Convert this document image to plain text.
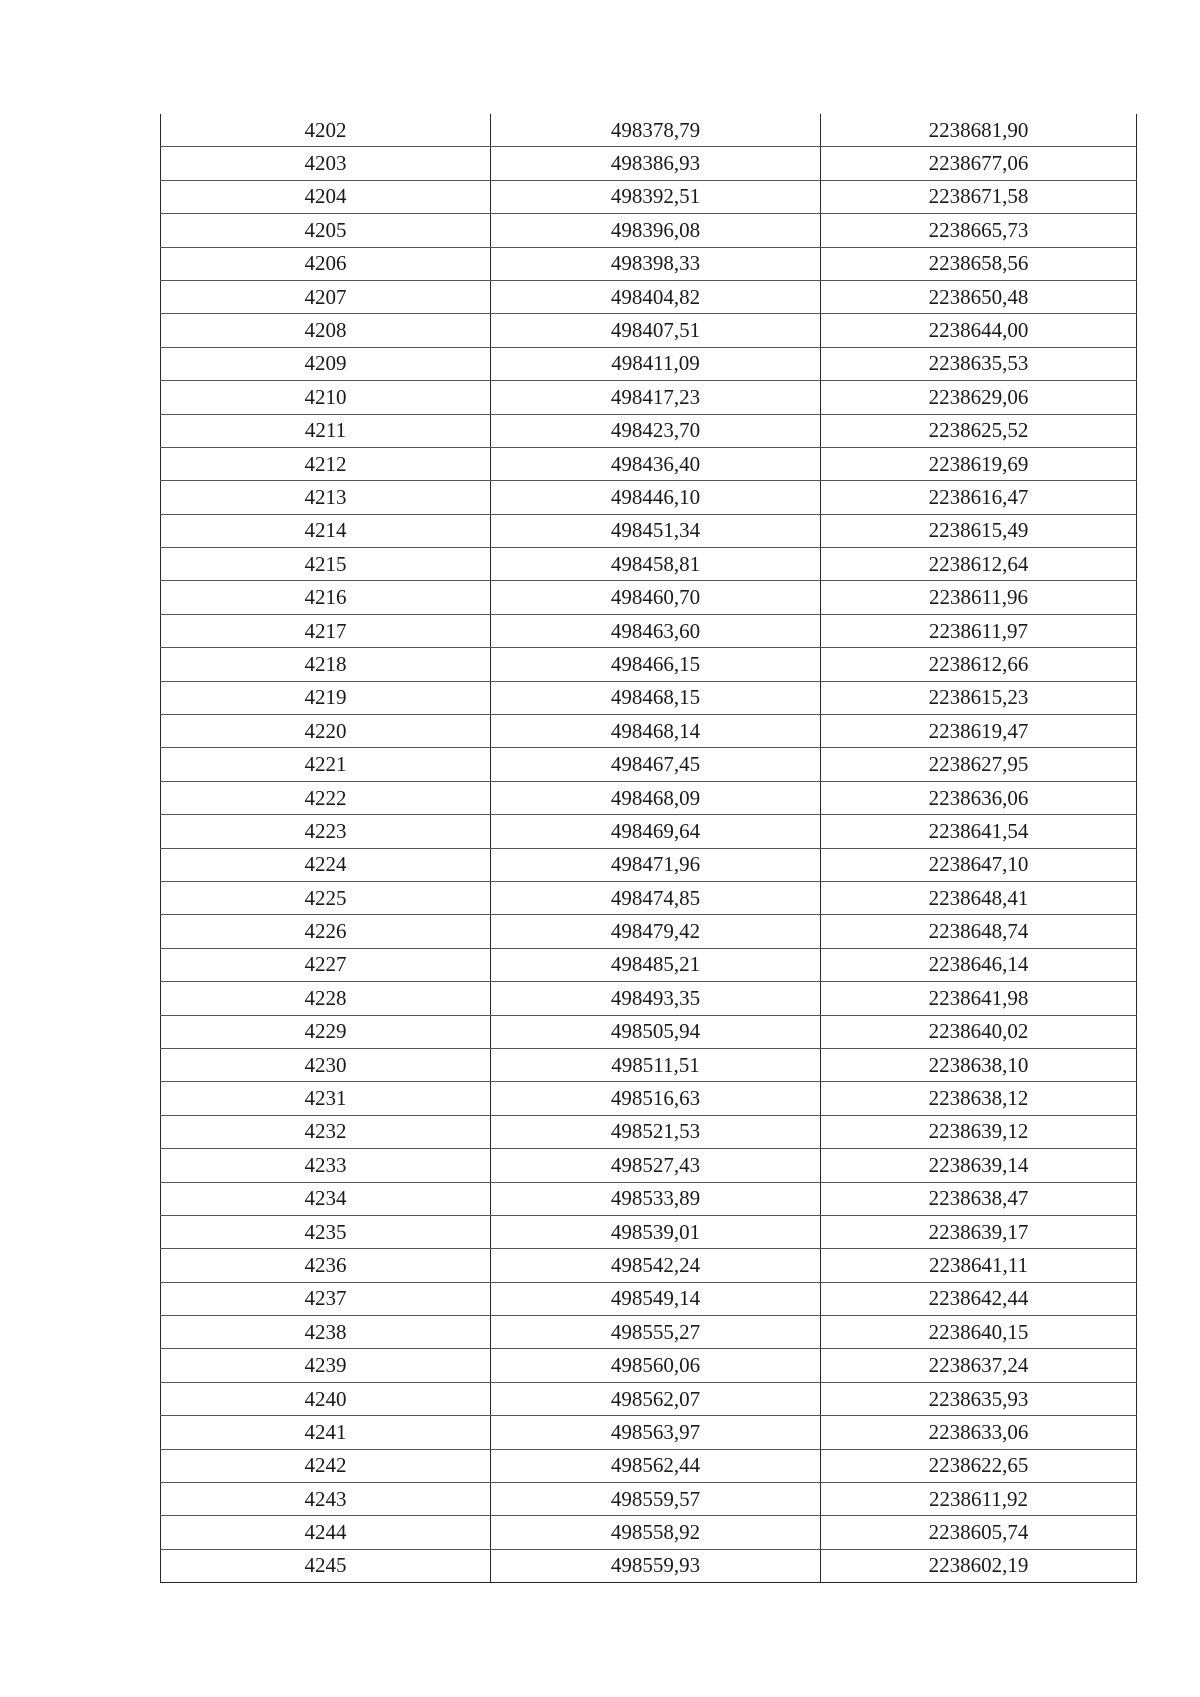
4202	498378,79	2238681,90
4203	498386,93	2238677,06
4204	498392,51	2238671,58
4205	498396,08	2238665,73
4206	498398,33	2238658,56
4207	498404,82	2238650,48
4208	498407,51	2238644,00
4209	498411,09	2238635,53
4210	498417,23	2238629,06
4211	498423,70	2238625,52
4212	498436,40	2238619,69
4213	498446,10	2238616,47
4214	498451,34	2238615,49
4215	498458,81	2238612,64
4216	498460,70	2238611,96
4217	498463,60	2238611,97
4218	498466,15	2238612,66
4219	498468,15	2238615,23
4220	498468,14	2238619,47
4221	498467,45	2238627,95
4222	498468,09	2238636,06
4223	498469,64	2238641,54
4224	498471,96	2238647,10
4225	498474,85	2238648,41
4226	498479,42	2238648,74
4227	498485,21	2238646,14
4228	498493,35	2238641,98
4229	498505,94	2238640,02
4230	498511,51	2238638,10
4231	498516,63	2238638,12
4232	498521,53	2238639,12
4233	498527,43	2238639,14
4234	498533,89	2238638,47
4235	498539,01	2238639,17
4236	498542,24	2238641,11
4237	498549,14	2238642,44
4238	498555,27	2238640,15
4239	498560,06	2238637,24
4240	498562,07	2238635,93
4241	498563,97	2238633,06
4242	498562,44	2238622,65
4243	498559,57	2238611,92
4244	498558,92	2238605,74
4245	498559,93	2238602,19
